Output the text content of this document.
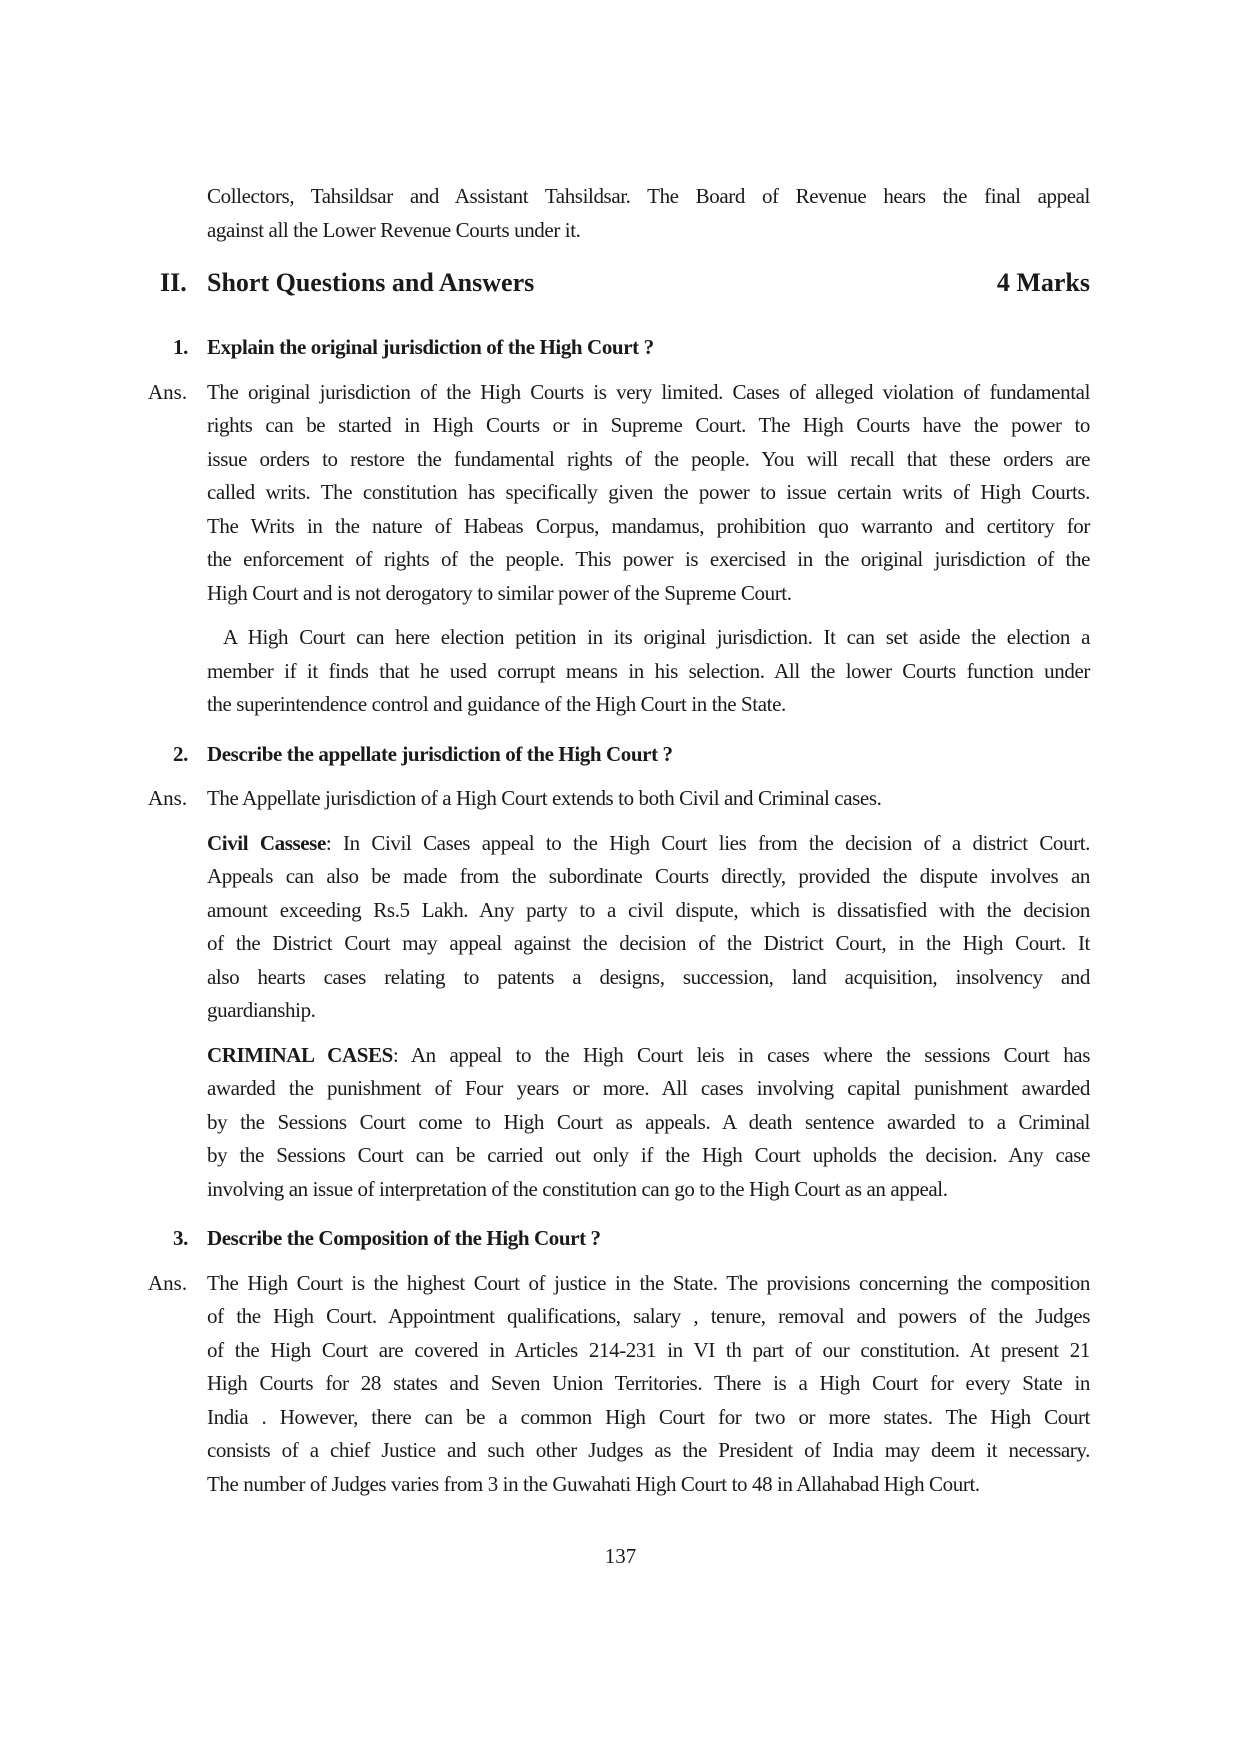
Collectors, Tahsildsar and Assistant Tahsildsar. The Board of Revenue hears the final appeal
against all the Lower Revenue Courts under it.
II. Short Questions and Answers	4 Marks
1. Explain the original jurisdiction of the High Court ?
Ans. The original jurisdiction of the High Courts is very limited. Cases of alleged violation of fundamental
rights can be started in High Courts or in Supreme Court. The High Courts have the power to
issue orders to restore the fundamental rights of the people. You will recall that these orders are
called writs. The constitution has specifically given the power to issue certain writs of High Courts.
The Writs in the nature of Habeas Corpus, mandamus, prohibition quo warranto and certitory for
the enforcement of rights of the people. This power is exercised in the original jurisdiction of the
High Court and is not derogatory to similar power of the Supreme Court.
A High Court can here election petition in its original jurisdiction. It can set aside the election a
member if it finds that he used corrupt means in his selection. All the lower Courts function under
the superintendence control and guidance of the High Court in the State.
2. Describe the appellate jurisdiction of the High Court ?
Ans. The Appellate jurisdiction of a High Court extends to both Civil and Criminal cases.
Civil Cassese: In Civil Cases appeal to the High Court lies from the decision of a district Court.
Appeals can also be made from the subordinate Courts directly, provided the dispute involves an
amount exceeding Rs.5 Lakh. Any party to a civil dispute, which is dissatisfied with the decision
of the District Court may appeal against the decision of the District Court, in the High Court. It
also hearts cases relating to patents a designs, succession, land acquisition, insolvency and
guardianship.
CRIMINAL CASES: An appeal to the High Court leis in cases where the sessions Court has
awarded the punishment of Four years or more. All cases involving capital punishment awarded
by the Sessions Court come to High Court as appeals. A death sentence awarded to a Criminal
by the Sessions Court can be carried out only if the High Court upholds the decision. Any case
involving an issue of interpretation of the constitution can go to the High Court as an appeal.
3. Describe the Composition of the High Court ?
Ans. The High Court is the highest Court of justice in the State. The provisions concerning the composition
of the High Court. Appointment qualifications, salary , tenure, removal and powers of the Judges
of the High Court are covered in Articles 214-231 in VI th part of our constitution. At present 21
High Courts for 28 states and Seven Union Territories. There is a High Court for every State in
India . However, there can be a common High Court for two or more states. The High Court
consists of a chief Justice and such other Judges as the President of India may deem it necessary.
The number of Judges varies from 3 in the Guwahati High Court to 48 in Allahabad High Court.
137
